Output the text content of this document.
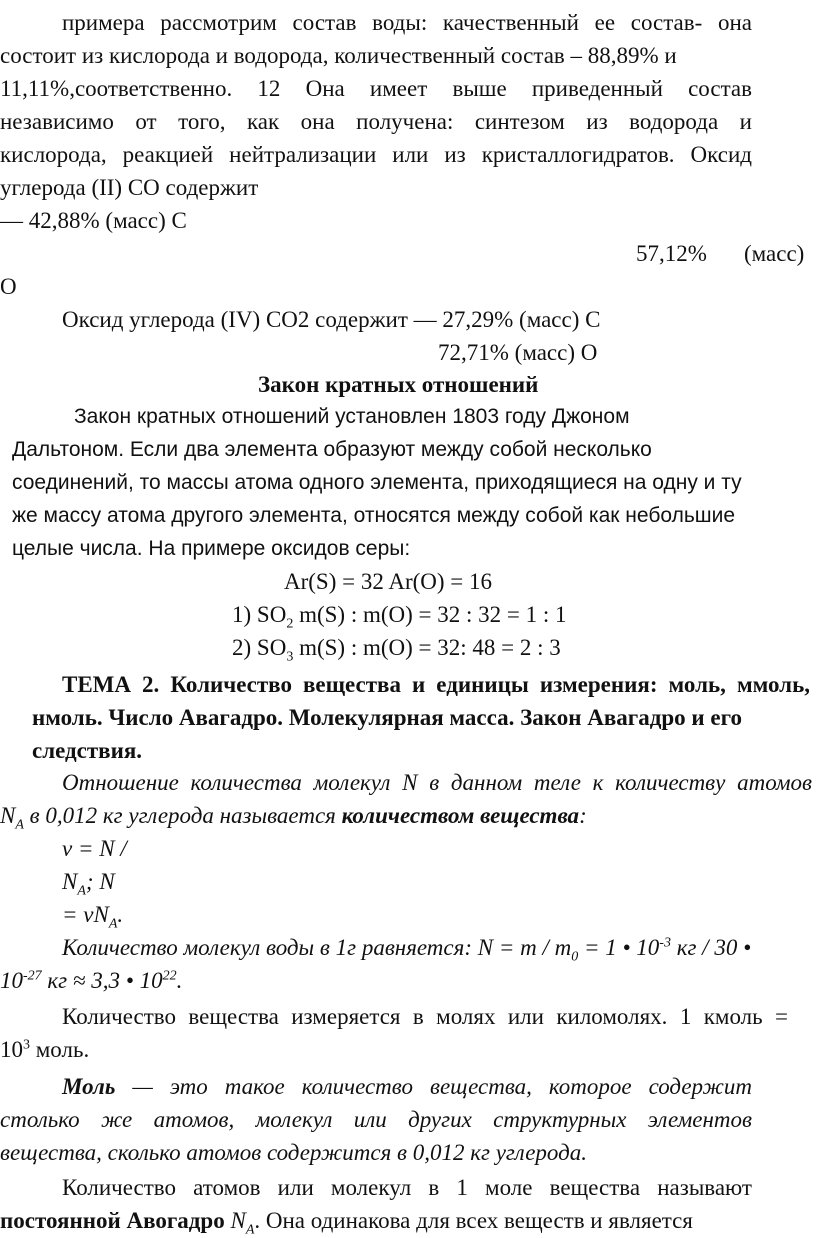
примера рассмотрим состав воды: качественный ее состав- она
состоит из кислорода и водорода, количественный состав – 88,89% и
11,11%,соответственно. 12 Она имеет выше приведенный состав
независимо от того, как она получена: синтезом из водорода и
кислорода, реакцией нейтрализации или из кристаллогидратов. Оксид
углерода (II) CO содержит
— 42,88% (масс) C
57,12% (масс)
O
Оксид углерода (IV) CO2 содержит — 27,29% (масс) C
72,71% (масс) O
Закон кратных отношений
Закон кратных отношений установлен 1803 году Джоном
Дальтоном. Если два элемента образуют между собой несколько
соединений, то массы атома одного элемента, приходящиеся на одну и ту
же массу атома другого элемента, относятся между собой как небольшие
целые числа. На примере оксидов серы:
Ar(S) = 32 Ar(O) = 16
1) $SO_2$ m(S) : m(O) = 32 : 32 = 1 : 1
2) $SO_3$ m(S) : m(O) = 32: 48 = 2 : 3
ТЕМА 2. Количество вещества и единицы измерения: моль, ммоль,
нмоль. Число Авагадро. Молекулярная масса. Закон Авагадро и его
следствия.
Отношение количества молекул N в данном теле к количеству атомов
$N_A$ в 0,012 кг углерода называется количеством вещества:
ν = N /
$N_A$; N
= $\nu N_A$.
Количество молекул воды в 1г равняется: $N = m / m_0 = 1$ • $10^{-3}$ кг / 30 •
$10^{-27}$ кг ≈ 3,3 • $10^{22}$.
Количество вещества измеряется в молях или киломолях. 1 кмоль =
$10^3$ моль.
Моль — это такое количество вещества, которое содержит
столько же атомов, молекул или других структурных элементов
вещества, сколько атомов содержится в 0,012 кг углерода.
Количество атомов или молекул в 1 моле вещества называют
постоянной Авогадро $N_A$. Она одинакова для всех веществ и является
